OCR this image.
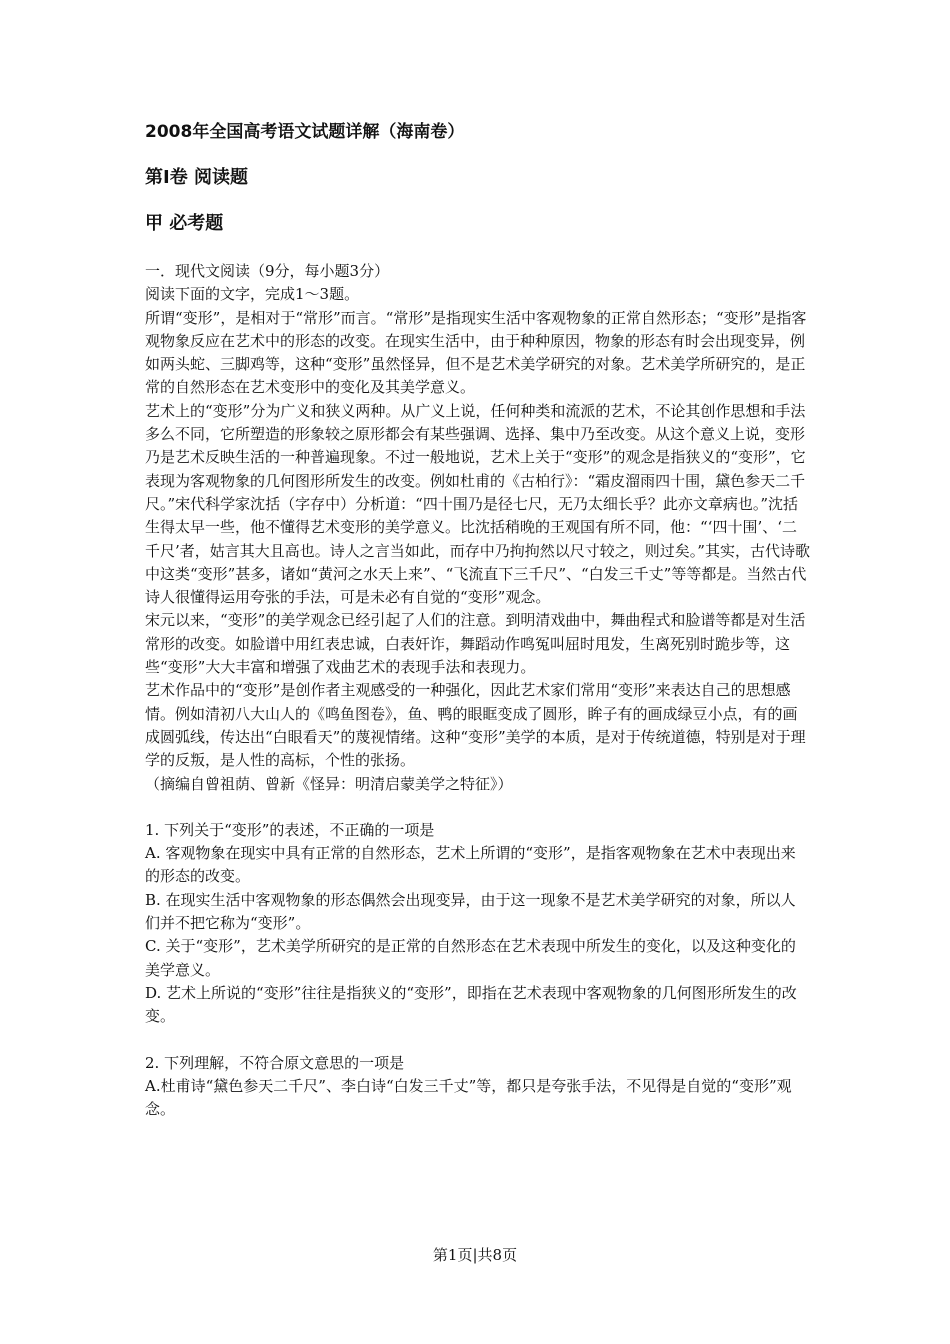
2008年全国高考语文试题详解（海南卷）
第Ⅰ卷 阅读题
甲 必考题

一．现代文阅读（9分，每小题3分）

阅读下面的文字，完成1～3题。

所谓“变形”，是相对于“常形”而言。“常形”是指现实生活中客观物象的正常自然形态；“变形”是指客观物象反应在艺术中的形态的改变。在现实生活中，由于种种原因，物象的形态有时会出现变异，例如两头蛇、三脚鸡等，这种“变形”虽然怪异，但不是艺术美学研究的对象。艺术美学所研究的，是正常的自然形态在艺术变形中的变化及其美学意义。

艺术上的“变形”分为广义和狭义两种。从广义上说，任何种类和流派的艺术，不论其创作思想和手法多么不同，它所塑造的形象较之原形都会有某些强调、选择、集中乃至改变。从这个意义上说，变形乃是艺术反映生活的一种普遍现象。不过一般地说，艺术上关于“变形”的观念是指狭义的“变形”，它表现为客观物象的几何图形所发生的改变。例如杜甫的《古柏行》：“霜皮溜雨四十围，黛色参天二千尺。”宋代科学家沈括（字存中）分析道：“四十围乃是径七尺，无乃太细长乎？此亦文章病也。”沈括生得太早一些，他不懂得艺术变形的美学意义。比沈括稍晚的王观国有所不同，他：“‘四十围’、‘二千尺’者，姑言其大且高也。诗人之言当如此，而存中乃拘拘然以尺寸较之，则过矣。”其实，古代诗歌中这类“变形”甚多，诸如“黄河之水天上来”、“飞流直下三千尺”、“白发三千丈”等等都是。当然古代诗人很懂得运用夸张的手法，可是未必有自觉的“变形”观念。

宋元以来，“变形”的美学观念已经引起了人们的注意。到明清戏曲中，舞曲程式和脸谱等都是对生活常形的改变。如脸谱中用红表忠诚，白表奸诈，舞蹈动作鸣冤叫屈时甩发，生离死别时跪步等，这些“变形”大大丰富和增强了戏曲艺术的表现手法和表现力。

艺术作品中的“变形”是创作者主观感受的一种强化，因此艺术家们常用“变形”来表达自己的思想感情。例如清初八大山人的《鸣鱼图卷》，鱼、鸭的眼眶变成了圆形，眸子有的画成绿豆小点，有的画成圆弧线，传达出“白眼看天”的蔑视情绪。这种“变形”美学的本质，是对于传统道德，特别是对于理学的反叛，是人性的高标，个性的张扬。

（摘编自曾祖荫、曾新《怪异：明清启蒙美学之特征》）

1. 下列关于“变形”的表述，不正确的一项是

A. 客观物象在现实中具有正常的自然形态，艺术上所谓的“变形”，是指客观物象在艺术中表现出来的形态的改变。

B. 在现实生活中客观物象的形态偶然会出现变异，由于这一现象不是艺术美学研究的对象，所以人们并不把它称为“变形”。

C. 关于“变形”，艺术美学所研究的是正常的自然形态在艺术表现中所发生的变化，以及这种变化的美学意义。

D. 艺术上所说的“变形”往往是指狭义的“变形”，即指在艺术表现中客观物象的几何图形所发生的改变。

2. 下列理解，不符合原文意思的一项是

A.杜甫诗“黛色参天二千尺”、李白诗“白发三千丈”等，都只是夸张手法，不见得是自觉的“变形”观念。

第1页|共8页
